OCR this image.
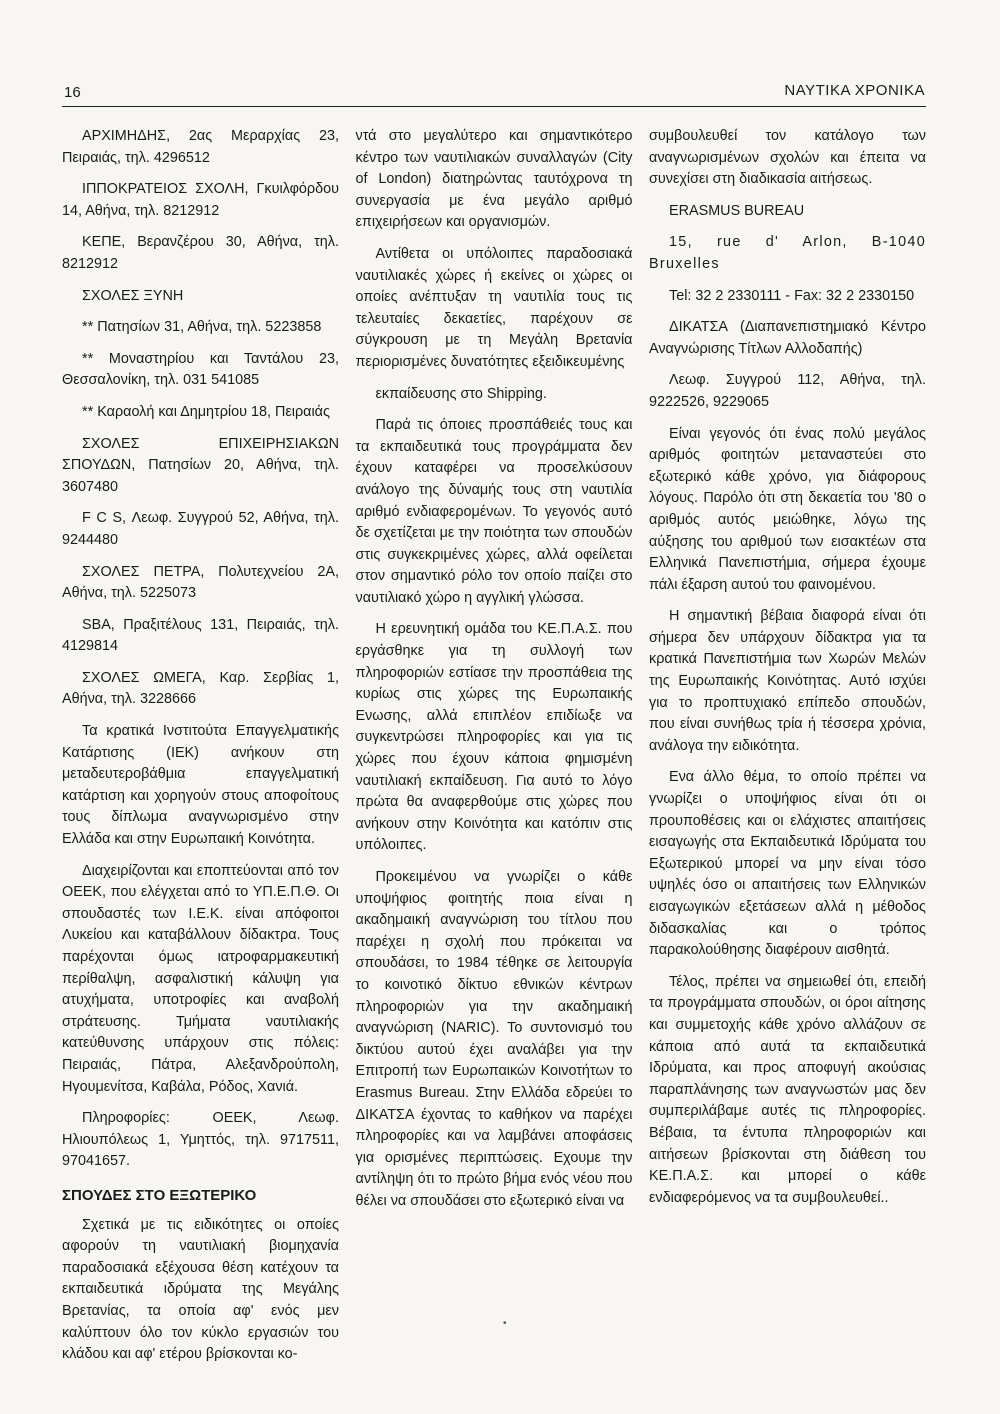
16	ΝΑΥΤΙΚΑ ΧΡΟΝΙΚΑ

ΑΡΧΙΜΗΔΗΣ, 2ας Μεραρχίας 23, Πειραιάς, τηλ. 4296512

ΙΠΠΟΚΡΑΤΕΙΟΣ ΣΧΟΛΗ, Γκυιλφόρδου 14, Αθήνα, τηλ. 8212912

ΚΕΠΕ, Βερανζέρου 30, Αθήνα, τηλ. 8212912

ΣΧΟΛΕΣ ΞΥΝΗ

** Πατησίων 31, Αθήνα, τηλ. 5223858

** Μοναστηρίου και Ταντάλου 23, Θεσσαλονίκη, τηλ. 031 541085

** Καραολή και Δημητρίου 18, Πειραιάς

ΣΧΟΛΕΣ ΕΠΙΧΕΙΡΗΣΙΑΚΩΝ ΣΠΟΥΔΩΝ, Πατησίων 20, Αθήνα, τηλ. 3607480

F C S, Λεωφ. Συγγρού 52, Αθήνα, τηλ. 9244480

ΣΧΟΛΕΣ ΠΕΤΡΑ, Πολυτεχνείου 2Α, Αθήνα, τηλ. 5225073

SBA, Πραξιτέλους 131, Πειραιάς, τηλ. 4129814

ΣΧΟΛΕΣ ΩΜΕΓΑ, Καρ. Σερβίας 1, Αθήνα, τηλ. 3228666

Τα κρατικά Ινστιτούτα Επαγγελματικής Κατάρτισης (ΙΕΚ) ανήκουν στη μεταδευτεροβάθμια επαγγελματική κατάρτιση και χορηγούν στους αποφοίτους τους δίπλωμα αναγνωρισμένο στην Ελλάδα και στην Ευρωπαική Κοινότητα.

Διαχειρίζονται και εποπτεύονται από τον ΟΕΕΚ, που ελέγχεται από το ΥΠ.Ε.Π.Θ. Οι σπουδαστές των Ι.Ε.Κ. είναι απόφοιτοι Λυκείου και καταβάλλουν δίδακτρα. Τους παρέχονται όμως ιατροφαρμακευτική περίθαλψη, ασφαλιστική κάλυψη για ατυχήματα, υποτροφίες και αναβολή στράτευσης. Τμήματα ναυτιλιακής κατεύθυνσης υπάρχουν στις πόλεις: Πειραιάς, Πάτρα, Αλεξανδρούπολη, Ηγουμενίτσα, Καβάλα, Ρόδος, Χανιά.

Πληροφορίες: ΟΕΕΚ, Λεωφ. Ηλιουπόλεως 1, Υμηττός, τηλ. 9717511, 97041657.

ΣΠΟΥΔΕΣ ΣΤΟ ΕΞΩΤΕΡΙΚΟ

Σχετικά με τις ειδικότητες οι οποίες αφορούν τη ναυτιλιακή βιομηχανία παραδοσιακά εξέχουσα θέση κατέχουν τα εκπαιδευτικά ιδρύματα της Μεγάλης Βρετανίας, τα οποία αφ' ενός μεν καλύπτουν όλο τον κύκλο εργασιών του κλάδου και αφ' ετέρου βρίσκονται κο-

ντά στο μεγαλύτερο και σημαντικότερο κέντρο των ναυτιλιακών συναλλαγών (City of London) διατηρώντας ταυτόχρονα τη συνεργασία με ένα μεγάλο αριθμό επιχειρήσεων και οργανισμών.

Αντίθετα οι υπόλοιπες παραδοσιακά ναυτιλιακές χώρες ή εκείνες οι χώρες οι οποίες ανέπτυξαν τη ναυτιλία τους τις τελευταίες δεκαετίες, παρέχουν σε σύγκρουση με τη Μεγάλη Βρετανία περιορισμένες δυνατότητες εξειδικευμένης

εκπαίδευσης στο Shipping.

Παρά τις όποιες προσπάθειές τους και τα εκπαιδευτικά τους προγράμματα δεν έχουν καταφέρει να προσελκύσουν ανάλογο της δύναμής τους στη ναυτιλία αριθμό ενδιαφερομένων. Το γεγονός αυτό δε σχετίζεται με την ποιότητα των σπουδών στις συγκεκριμένες χώρες, αλλά οφείλεται στον σημαντικό ρόλο τον οποίο παίζει στο ναυτιλιακό χώρο η αγγλική γλώσσα.

Η ερευνητική ομάδα του ΚΕ.Π.Α.Σ. που εργάσθηκε για τη συλλογή των πληροφοριών εστίασε την προσπάθεια της κυρίως στις χώρες της Ευρωπαικής Ενωσης, αλλά επιπλέον επιδίωξε να συγκεντρώσει πληροφορίες και για τις χώρες που έχουν κάποια φημισμένη ναυτιλιακή εκπαίδευση. Για αυτό το λόγο πρώτα θα αναφερθούμε στις χώρες που ανήκουν στην Κοινότητα και κατόπιν στις υπόλοιπες.

Προκειμένου να γνωρίζει ο κάθε υποψήφιος φοιτητής ποια είναι η ακαδημαική αναγνώριση του τίτλου που παρέχει η σχολή που πρόκειται να σπουδάσει, το 1984 τέθηκε σε λειτουργία το κοινοτικό δίκτυο εθνικών κέντρων πληροφοριών για την ακαδημαική αναγνώριση (NARIC). Το συντονισμό του δικτύου αυτού έχει αναλάβει για την Επιτροπή των Ευρωπαικών Κοινοτήτων το Erasmus Bureau. Στην Ελλάδα εδρεύει το ΔΙΚΑΤΣΑ έχοντας το καθήκον να παρέχει πληροφορίες και να λαμβάνει αποφάσεις για ορισμένες περιπτώσεις. Εχουμε την αντίληψη ότι το πρώτο βήμα ενός νέου που θέλει να σπουδάσει στο εξωτερικό είναι να

συμβουλευθεί τον κατάλογο των αναγνωρισμένων σχολών και έπειτα να συνεχίσει στη διαδικασία αιτήσεως.

ERASMUS BUREAU

15, rue d' Arlon, B-1040 Bruxelles

Tel: 32 2 2330111 - Fax: 32 2 2330150

ΔΙΚΑΤΣΑ (Διαπανεπιστημιακό Κέντρο Αναγνώρισης Τίτλων Αλλοδαπής)

Λεωφ. Συγγρού 112, Αθήνα, τηλ. 9222526, 9229065

Είναι γεγονός ότι ένας πολύ μεγάλος αριθμός φοιτητών μεταναστεύει στο εξωτερικό κάθε χρόνο, για διάφορους λόγους. Παρόλο ότι στη δεκαετία του '80 ο αριθμός αυτός μειώθηκε, λόγω της αύξησης του αριθμού των εισακτέων στα Ελληνικά Πανεπιστήμια, σήμερα έχουμε πάλι έξαρση αυτού του φαινομένου.

Η σημαντική βέβαια διαφορά είναι ότι σήμερα δεν υπάρχουν δίδακτρα για τα κρατικά Πανεπιστήμια των Χωρών Μελών της Ευρωπαικής Κοινότητας. Αυτό ισχύει για το προπτυχιακό επίπεδο σπουδών, που είναι συνήθως τρία ή τέσσερα χρόνια, ανάλογα την ειδικότητα.

Ενα άλλο θέμα, το οποίο πρέπει να γνωρίζει ο υποψήφιος είναι ότι οι προυποθέσεις και οι ελάχιστες απαιτήσεις εισαγωγής στα Εκπαιδευτικά Ιδρύματα του Εξωτερικού μπορεί να μην είναι τόσο υψηλές όσο οι απαιτήσεις των Ελληνικών εισαγωγικών εξετάσεων αλλά η μέθοδος διδασκαλίας και ο τρόπος παρακολούθησης διαφέρουν αισθητά.

Τέλος, πρέπει να σημειωθεί ότι, επειδή τα προγράμματα σπουδών, οι όροι αίτησης και συμμετοχής κάθε χρόνο αλλάζουν σε κάποια από αυτά τα εκπαιδευτικά Ιδρύματα, και προς αποφυγή ακούσιας παραπλάνησης των αναγνωστών μας δεν συμπεριλάβαμε αυτές τις πληροφορίες. Βέβαια, τα έντυπα πληροφοριών και αιτήσεων βρίσκονται στη διάθεση του ΚΕ.Π.Α.Σ. και μπορεί ο κάθε ενδιαφερόμενος να τα συμβουλευθεί..

•
